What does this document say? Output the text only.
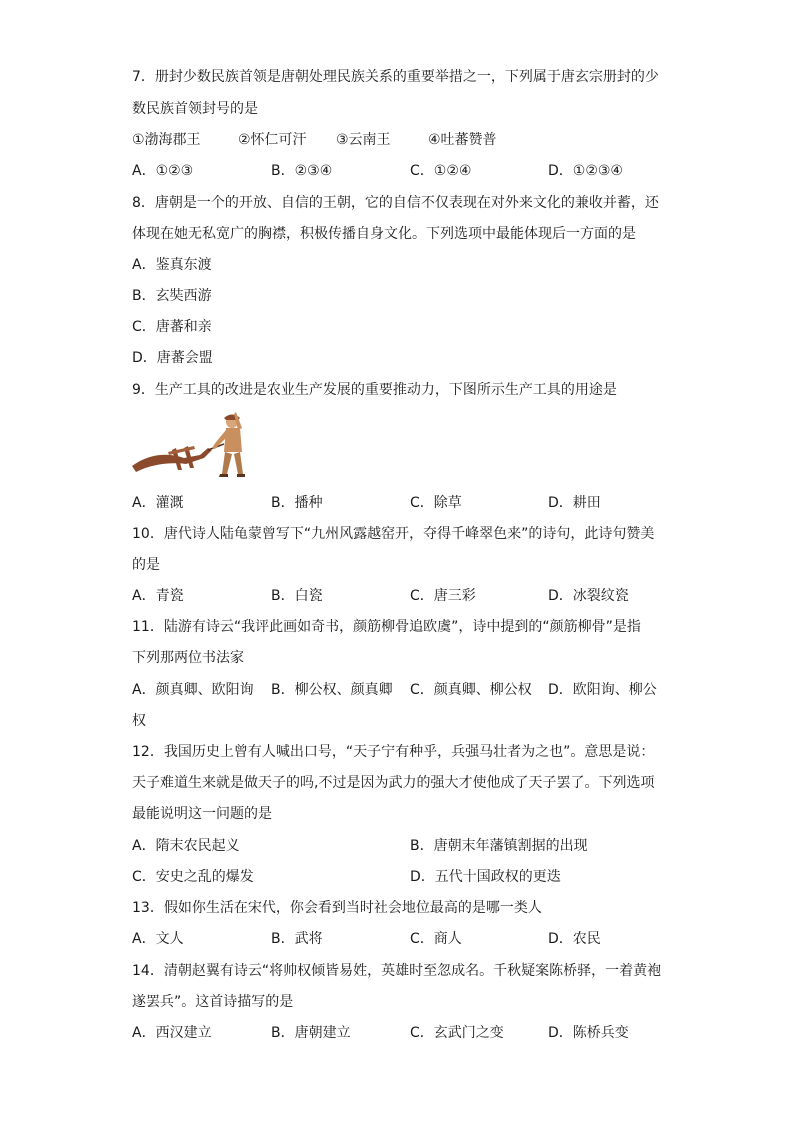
7．册封少数民族首领是唐朝处理民族关系的重要举措之一，下列属于唐玄宗册封的少
数民族首领封号的是
①渤海郡王	②怀仁可汗 ③云南王	④吐蕃赞普
A．①②③	B．②③④	C．①②④	D．①②③④
8．唐朝是一个的开放、自信的王朝，它的自信不仅表现在对外来文化的兼收并蓄，还
体现在她无私宽广的胸襟，积极传播自身文化。下列选项中最能体现后一方面的是
A．鉴真东渡
B．玄奘西游
C．唐蕃和亲
D．唐蕃会盟
9．生产工具的改进是农业生产发展的重要推动力，下图所示生产工具的用途是
A．灌溉	B．播种	C．除草	D．耕田
10．唐代诗人陆龟蒙曾写下“九州风露越窑开，夺得千峰翠色来”的诗句，此诗句赞美
的是
A．青瓷	B．白瓷	C．唐三彩	D．冰裂纹瓷
11．陆游有诗云“我评此画如奇书，颜筋柳骨追欧虞”，诗中提到的“颜筋柳骨”是指
下列那两位书法家
A．颜真卿、欧阳询 B．柳公权、颜真卿 C．颜真卿、柳公权 D．欧阳询、柳公
权
12．我国历史上曾有人喊出口号，“天子宁有种乎，兵强马壮者为之也”。意思是说：
天子难道生来就是做天子的吗,不过是因为武力的强大才使他成了天子罢了。下列选项
最能说明这一问题的是
A．隋末农民起义	B．唐朝末年藩镇割据的出现
C．安史之乱的爆发	D．五代十国政权的更迭
13．假如你生活在宋代，你会看到当时社会地位最高的是哪一类人
A．文人	B．武将	C．商人	D．农民
14．清朝赵翼有诗云“将帅权倾皆易姓，英雄时至忽成名。千秋疑案陈桥驿，一着黄袍
遂罢兵”。这首诗描写的是
A．西汉建立	B．唐朝建立	C．玄武门之变	D．陈桥兵变
